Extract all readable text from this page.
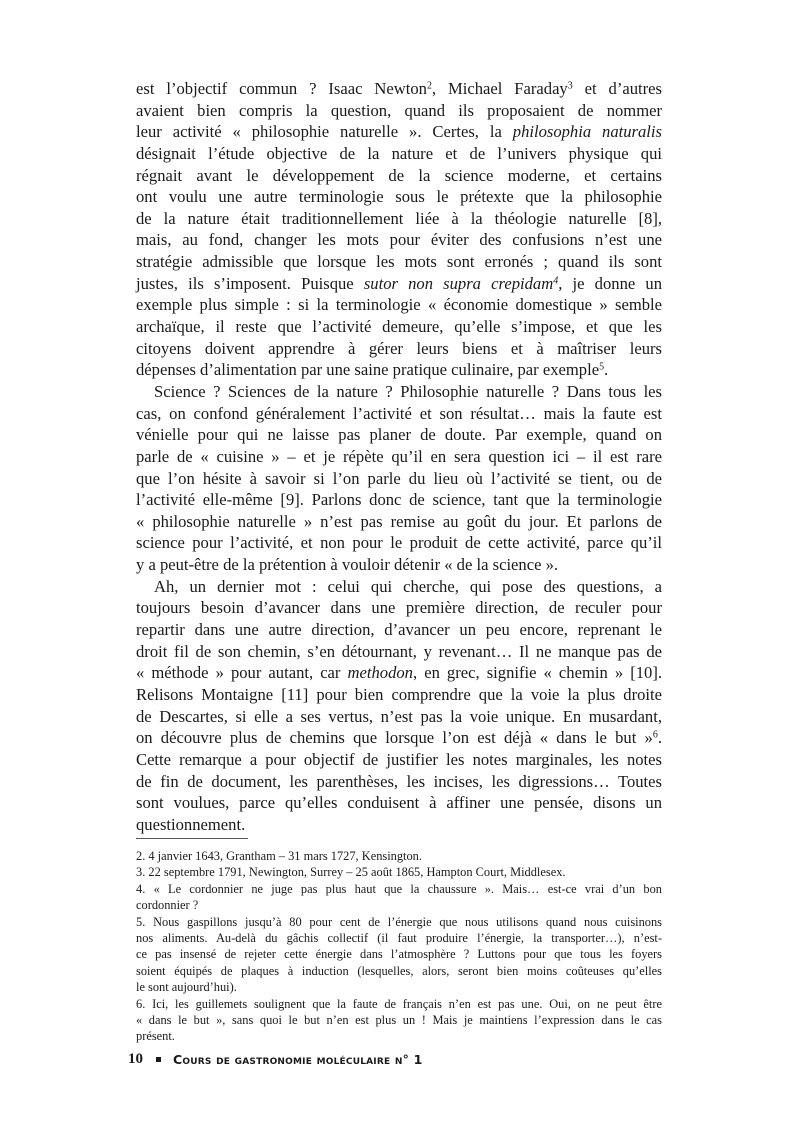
est l’objectif commun ? Isaac Newton$^2$, Michael Faraday$^3$ et d’autres
avaient bien compris la question, quand ils proposaient de nommer
leur activité « philosophie naturelle ». Certes, la philosophia naturalis
désignait l’étude objective de la nature et de l’univers physique qui
régnait avant le développement de la science moderne, et certains
ont voulu une autre terminologie sous le prétexte que la philosophie
de la nature était traditionnellement liée à la théologie naturelle [8],
mais, au fond, changer les mots pour éviter des confusions n’est une
stratégie admissible que lorsque les mots sont erronés ; quand ils sont
justes, ils s’imposent. Puisque sutor non supra crepidam$^4$, je donne un
exemple plus simple : si la terminologie « économie domestique » semble
archaïque, il reste que l’activité demeure, qu’elle s’impose, et que les
citoyens doivent apprendre à gérer leurs biens et à maîtriser leurs
dépenses d’alimentation par une saine pratique culinaire, par exemple$^5$.
Science ? Sciences de la nature ? Philosophie naturelle ? Dans tous les
cas, on confond généralement l’activité et son résultat… mais la faute est
vénielle pour qui ne laisse pas planer de doute. Par exemple, quand on
parle de « cuisine » – et je répète qu’il en sera question ici – il est rare
que l’on hésite à savoir si l’on parle du lieu où l’activité se tient, ou de
l’activité elle-même [9]. Parlons donc de science, tant que la terminologie
« philosophie naturelle » n’est pas remise au goût du jour. Et parlons de
science pour l’activité, et non pour le produit de cette activité, parce qu’il
y a peut-être de la prétention à vouloir détenir « de la science ».
Ah, un dernier mot : celui qui cherche, qui pose des questions, a
toujours besoin d’avancer dans une première direction, de reculer pour
repartir dans une autre direction, d’avancer un peu encore, reprenant le
droit fil de son chemin, s’en détournant, y revenant… Il ne manque pas de
« méthode » pour autant, car methodon, en grec, signifie « chemin » [10].
Relisons Montaigne [11] pour bien comprendre que la voie la plus droite
de Descartes, si elle a ses vertus, n’est pas la voie unique. En musardant,
on découvre plus de chemins que lorsque l’on est déjà « dans le but »$^6$.
Cette remarque a pour objectif de justifier les notes marginales, les notes
de fin de document, les parenthèses, les incises, les digressions… Toutes
sont voulues, parce qu’elles conduisent à affiner une pensée, disons un
questionnement.
2. 4 janvier 1643, Grantham – 31 mars 1727, Kensington.
3. 22 septembre 1791, Newington, Surrey – 25 août 1865, Hampton Court, Middlesex.
4. « Le cordonnier ne juge pas plus haut que la chaussure ». Mais… est-ce vrai d’un bon
cordonnier ?
5. Nous gaspillons jusqu’à 80 pour cent de l’énergie que nous utilisons quand nous cuisinons
nos aliments. Au-delà du gâchis collectif (il faut produire l’énergie, la transporter…), n’est-
ce pas insensé de rejeter cette énergie dans l’atmosphère ? Luttons pour que tous les foyers
soient équipés de plaques à induction (lesquelles, alors, seront bien moins coûteuses qu’elles
le sont aujourd’hui).
6. Ici, les guillemets soulignent que la faute de français n’en est pas une. Oui, on ne peut être
« dans le but », sans quoi le but n’en est plus un ! Mais je maintiens l’expression dans le cas
présent.
10 Cours de gastronomie moléculaire n° 1
